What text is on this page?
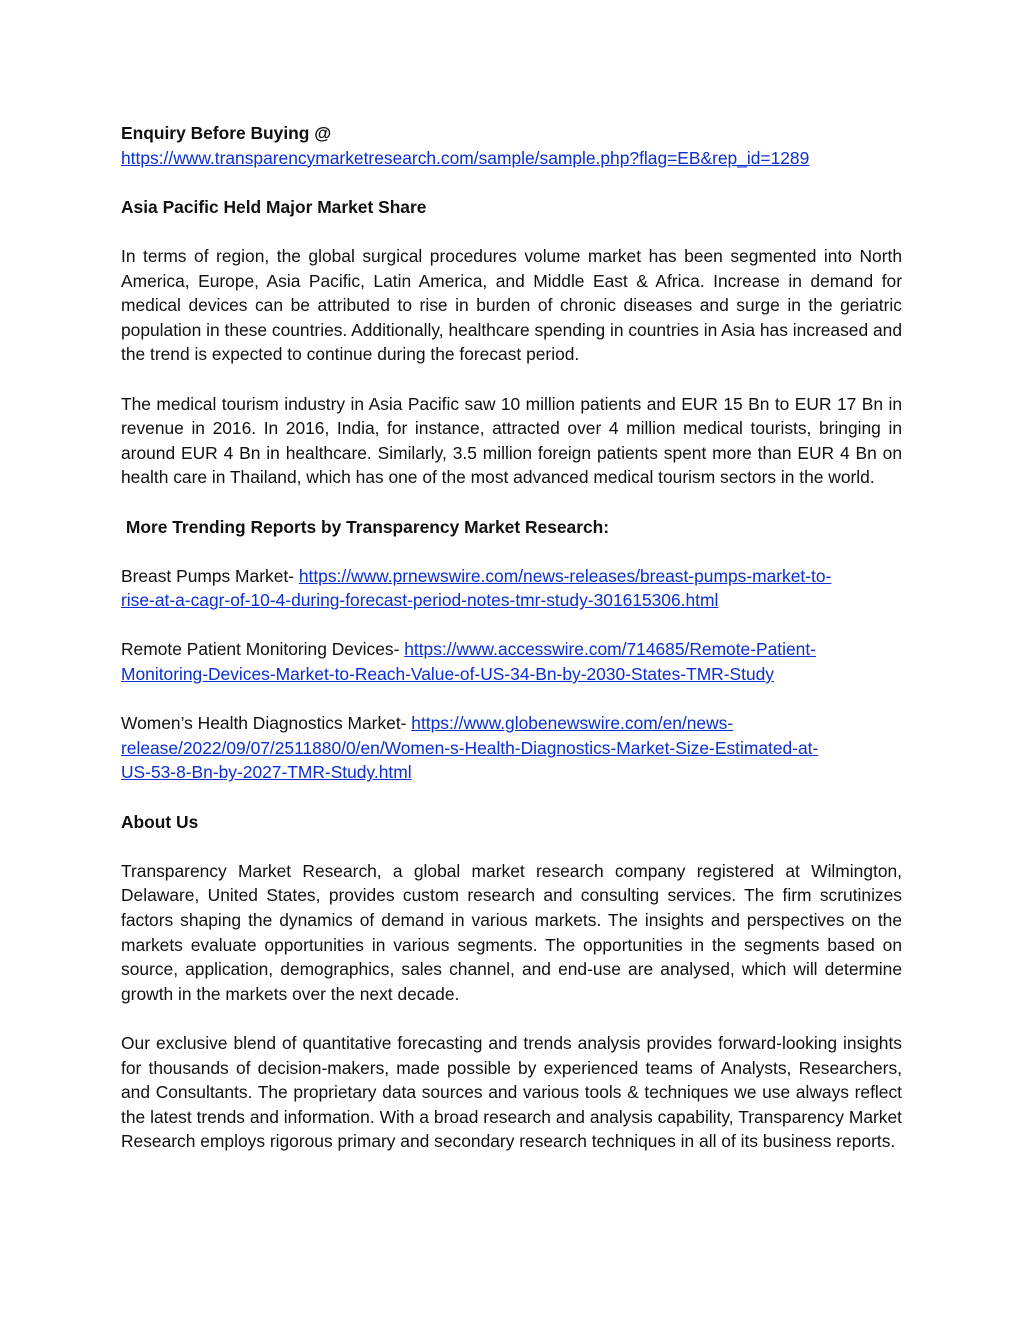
Enquiry Before Buying @

https://www.transparencymarketresearch.com/sample/sample.php?flag=EB&rep_id=1289

Asia Pacific Held Major Market Share

In terms of region, the global surgical procedures volume market has been segmented into North America, Europe, Asia Pacific, Latin America, and Middle East & Africa. Increase in demand for medical devices can be attributed to rise in burden of chronic diseases and surge in the geriatric population in these countries. Additionally, healthcare spending in countries in Asia has increased and the trend is expected to continue during the forecast period.

The medical tourism industry in Asia Pacific saw 10 million patients and EUR 15 Bn to EUR 17 Bn in revenue in 2016. In 2016, India, for instance, attracted over 4 million medical tourists, bringing in around EUR 4 Bn in healthcare. Similarly, 3.5 million foreign patients spent more than EUR 4 Bn on health care in Thailand, which has one of the most advanced medical tourism sectors in the world.

More Trending Reports by Transparency Market Research:

Breast Pumps Market- https://www.prnewswire.com/news-releases/breast-pumps-market-to-
rise-at-a-cagr-of-10-4-during-forecast-period-notes-tmr-study-301615306.html
Remote Patient Monitoring Devices- https://www.accesswire.com/714685/Remote-Patient-
Monitoring-Devices-Market-to-Reach-Value-of-US-34-Bn-by-2030-States-TMR-Study
Women’s Health Diagnostics Market- https://www.globenewswire.com/en/news-
release/2022/09/07/2511880/0/en/Women-s-Health-Diagnostics-Market-Size-Estimated-at-
US-53-8-Bn-by-2027-TMR-Study.html

About Us

Transparency Market Research, a global market research company registered at Wilmington, Delaware, United States, provides custom research and consulting services. The firm scrutinizes factors shaping the dynamics of demand in various markets. The insights and perspectives on the markets evaluate opportunities in various segments. The opportunities in the segments based on source, application, demographics, sales channel, and end-use are analysed, which will determine growth in the markets over the next decade.

Our exclusive blend of quantitative forecasting and trends analysis provides forward-looking insights for thousands of decision-makers, made possible by experienced teams of Analysts, Researchers, and Consultants. The proprietary data sources and various tools & techniques we use always reflect the latest trends and information. With a broad research and analysis capability, Transparency Market Research employs rigorous primary and secondary research techniques in all of its business reports.
